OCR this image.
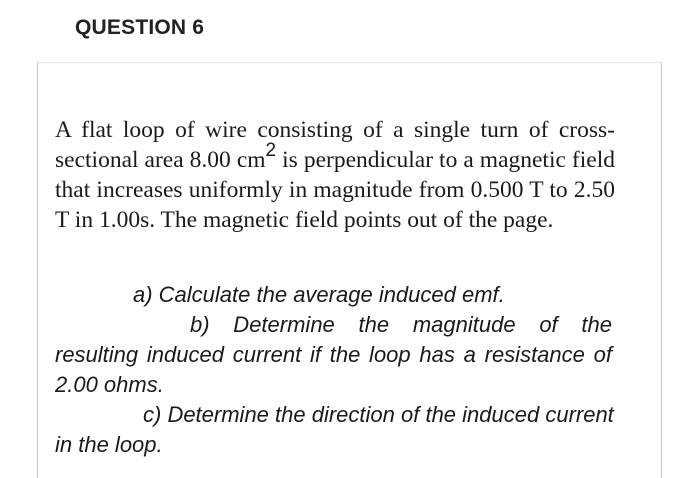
QUESTION 6
A flat loop of wire consisting of a single turn of cross-sectional area 8.00 $cm^2$ is perpendicular to a magnetic field that increases uniformly in magnitude from 0.500 T to 2.50 T in 1.00s. The magnetic field points out of the page.
a) Calculate the average induced emf.
b) Determine the magnitude of the resulting induced current if the loop has a resistance of 2.00 ohms.
c) Determine the direction of the induced current in the loop.
